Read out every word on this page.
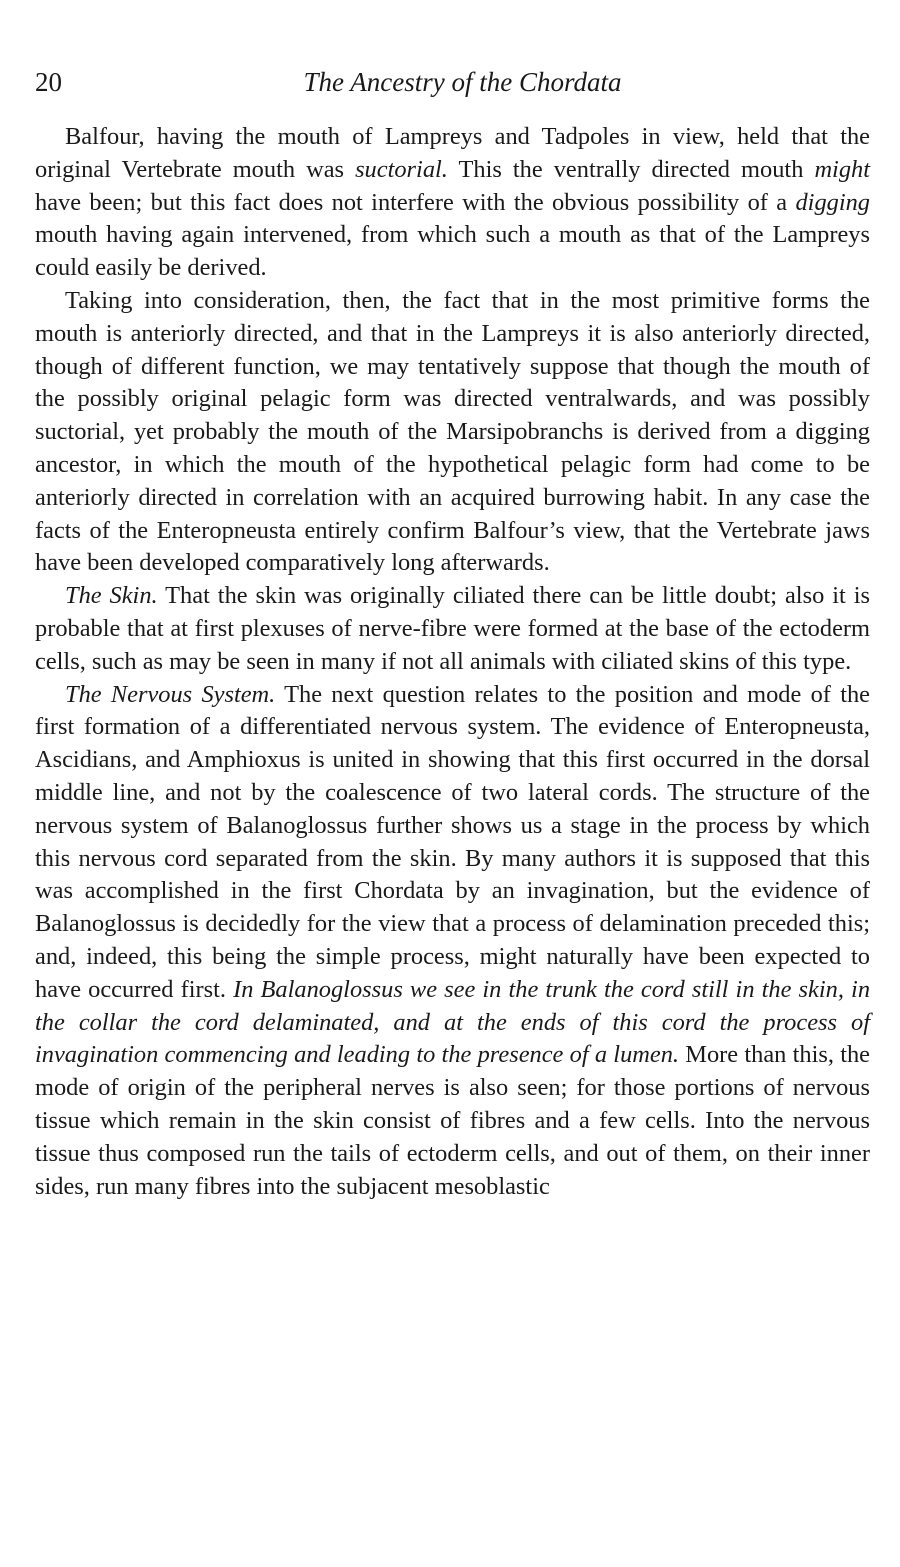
20	The Ancestry of the Chordata

Balfour, having the mouth of Lampreys and Tadpoles in view, held that the original Vertebrate mouth was suctorial. This the ventrally directed mouth might have been; but this fact does not interfere with the obvious possibility of a digging mouth having again intervened, from which such a mouth as that of the Lampreys could easily be derived.

Taking into consideration, then, the fact that in the most primitive forms the mouth is anteriorly directed, and that in the Lampreys it is also anteriorly directed, though of different function, we may tentatively suppose that though the mouth of the possibly original pelagic form was directed ventralwards, and was possibly suctorial, yet probably the mouth of the Marsipobranchs is derived from a digging ancestor, in which the mouth of the hypothetical pelagic form had come to be anteriorly directed in correlation with an acquired burrowing habit. In any case the facts of the Enteropneusta entirely confirm Balfour’s view, that the Vertebrate jaws have been developed comparatively long afterwards.

The Skin. That the skin was originally ciliated there can be little doubt; also it is probable that at first plexuses of nerve-fibre were formed at the base of the ectoderm cells, such as may be seen in many if not all animals with ciliated skins of this type.

The Nervous System. The next question relates to the position and mode of the first formation of a differentiated nervous system. The evidence of Enteropneusta, Ascidians, and Amphioxus is united in showing that this first occurred in the dorsal middle line, and not by the coalescence of two lateral cords. The structure of the nervous system of Balanoglossus further shows us a stage in the process by which this nervous cord separated from the skin. By many authors it is supposed that this was accomplished in the first Chordata by an invagination, but the evidence of Balanoglossus is decidedly for the view that a process of delamination preceded this; and, indeed, this being the simple process, might naturally have been expected to have occurred first. In Balanoglossus we see in the trunk the cord still in the skin, in the collar the cord delaminated, and at the ends of this cord the process of invagination commencing and leading to the presence of a lumen. More than this, the mode of origin of the peripheral nerves is also seen; for those portions of nervous tissue which remain in the skin consist of fibres and a few cells. Into the nervous tissue thus composed run the tails of ectoderm cells, and out of them, on their inner sides, run many fibres into the subjacent mesoblastic
